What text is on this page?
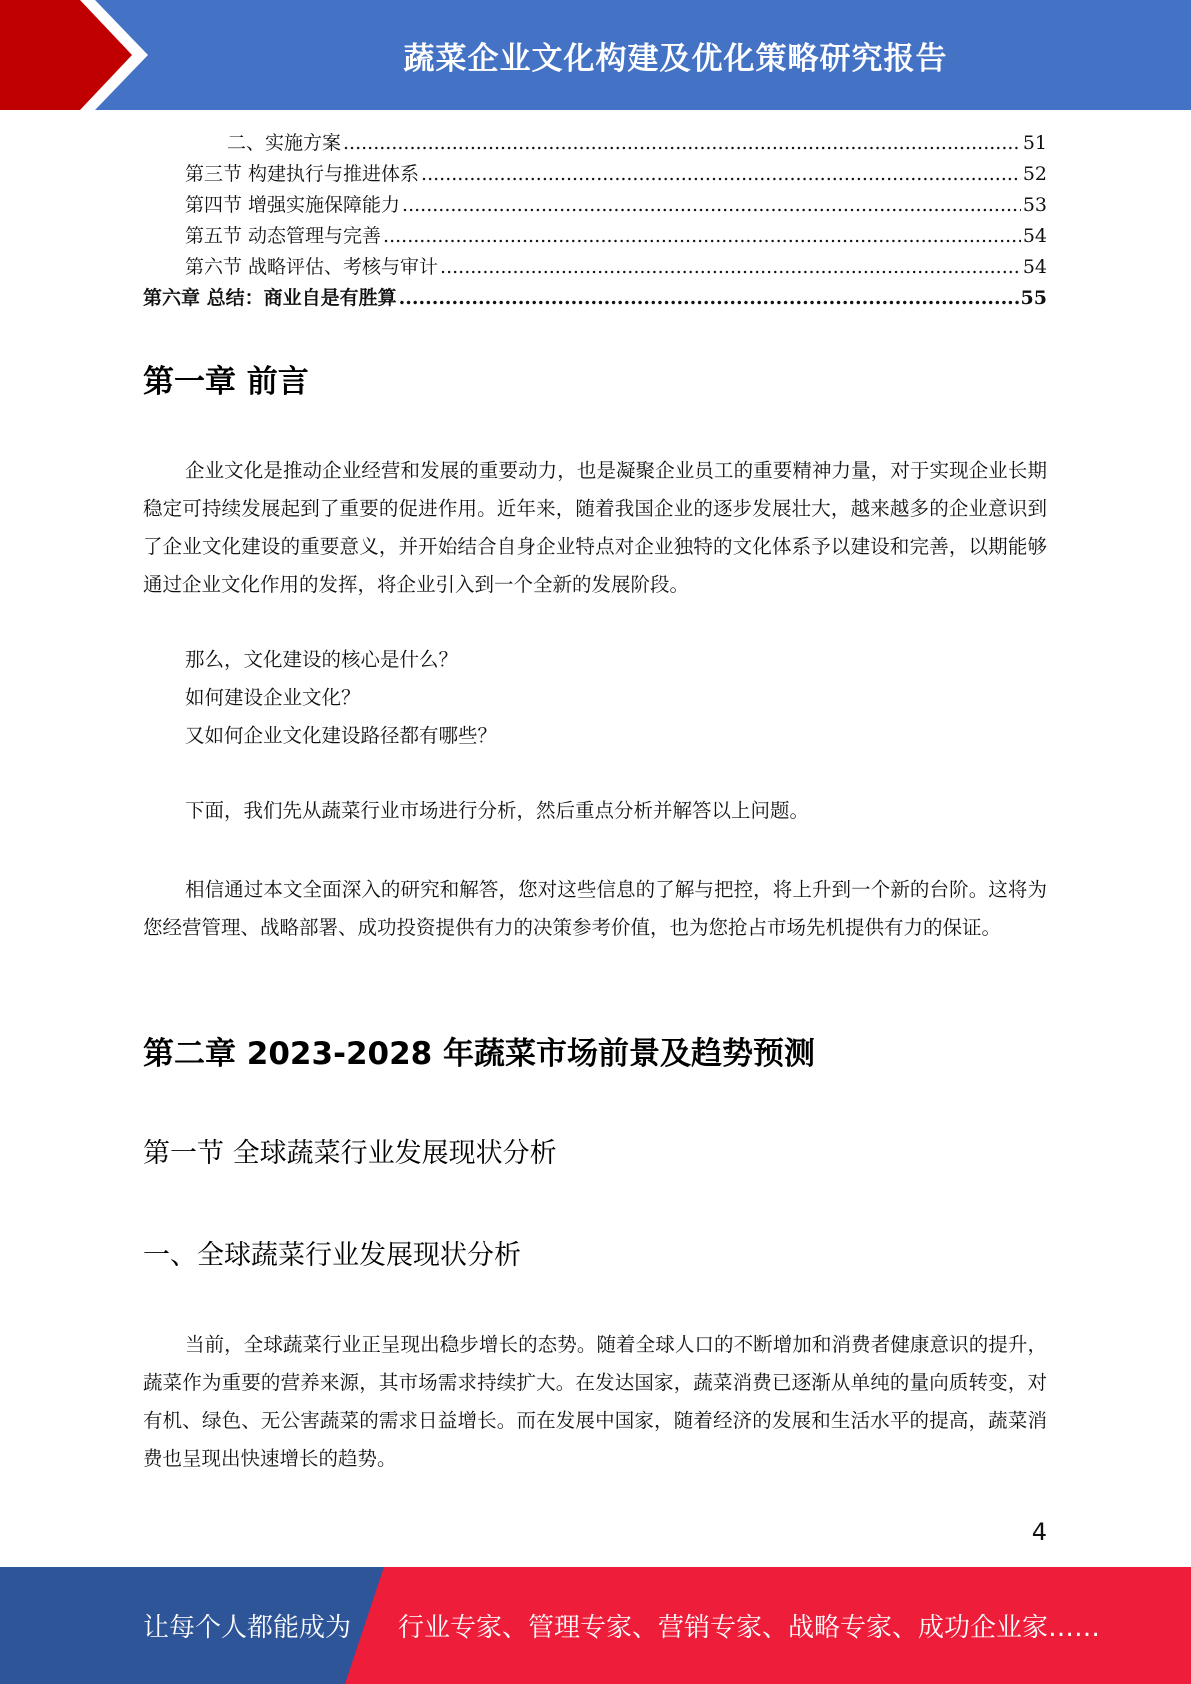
蔬菜企业文化构建及优化策略研究报告
二、实施方案 .....	51
第三节 构建执行与推进体系 .....	52
第四节 增强实施保障能力 .....	53
第五节 动态管理与完善 .....	54
第六节 战略评估、考核与审计 .....	54
第六章 总结：商业自是有胜算 .....	55
第一章 前言

企业文化是推动企业经营和发展的重要动力，也是凝聚企业员工的重要精神力量，对于实现企业长期稳定可持续发展起到了重要的促进作用。近年来，随着我国企业的逐步发展壮大，越来越多的企业意识到了企业文化建设的重要意义，并开始结合自身企业特点对企业独特的文化体系予以建设和完善，以期能够通过企业文化作用的发挥，将企业引入到一个全新的发展阶段。

那么，文化建设的核心是什么？
如何建设企业文化？
又如何企业文化建设路径都有哪些？

下面，我们先从蔬菜行业市场进行分析，然后重点分析并解答以上问题。

相信通过本文全面深入的研究和解答，您对这些信息的了解与把控，将上升到一个新的台阶。这将为您经营管理、战略部署、成功投资提供有力的决策参考价值，也为您抢占市场先机提供有力的保证。

第二章 2023-2028 年蔬菜市场前景及趋势预测
第一节 全球蔬菜行业发展现状分析
一、全球蔬菜行业发展现状分析

当前，全球蔬菜行业正呈现出稳步增长的态势。随着全球人口的不断增加和消费者健康意识的提升，蔬菜作为重要的营养来源，其市场需求持续扩大。在发达国家，蔬菜消费已逐渐从单纯的量向质转变，对有机、绿色、无公害蔬菜的需求日益增长。而在发展中国家，随着经济的发展和生活水平的提高，蔬菜消费也呈现出快速增长的趋势。

4
让每个人都能成为 行业专家、管理专家、营销专家、战略专家、成功企业家……
